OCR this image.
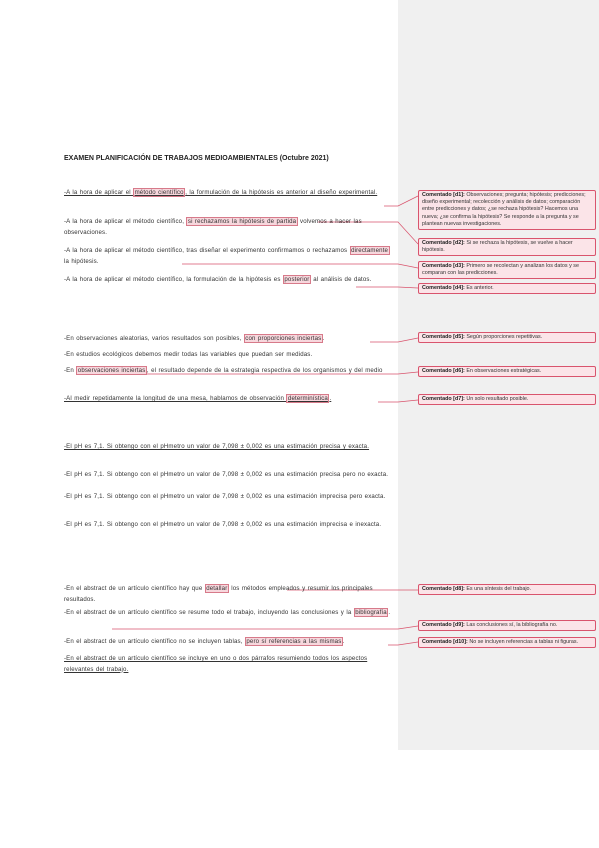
EXAMEN PLANIFICACIÓN DE TRABAJOS MEDIOAMBIENTALES (Octubre 2021)
-A la hora de aplicar el método científico , la formulación de la hipótesis es anterior al diseño experimental.
-A la hora de aplicar el método científico, si rechazamos la hipótesis de partida volvemos a hacer las observaciones.
-A la hora de aplicar el método científico, tras diseñar el experimento confirmamos o rechazamos directamente la hipótesis.
-A la hora de aplicar el método científico, la formulación de la hipótesis es posterior al análisis de datos.
-En observaciones aleatorias, varios resultados son posibles, con proporciones inciertas .
-En estudios ecológicos debemos medir todas las variables que puedan ser medidas.
-En observaciones inciertas , el resultado depende de la estrategia respectiva de los organismos y del medio
-Al medir repetidamente la longitud de una mesa, hablamos de observación determinística .
-El pH es 7,1. Si obtengo con el pHmetro un valor de 7,098 ± 0,002 es una estimación precisa y exacta.
-El pH es 7,1. Si obtengo con el pHmetro un valor de 7,098 ± 0,002 es una estimación precisa pero no exacta.
-El pH es 7,1. Si obtengo con el pHmetro un valor de 7,098 ± 0,002 es una estimación imprecisa pero exacta.
-El pH es 7,1. Si obtengo con el pHmetro un valor de 7,098 ± 0,002 es una estimación imprecisa e inexacta.
-En el abstract de un artículo científico hay que detallar los métodos empleados y resumir los principales resultados.
-En el abstract de un artículo científico se resume todo el trabajo, incluyendo las conclusiones y la bibliografía .
-En el abstract de un artículo científico no se incluyen tablas, pero sí referencias a las mismas .
-En el abstract de un artículo científico se incluye en uno o dos párrafos resumiendo todos los aspectos relevantes del trabajo.
Comentado [d1]: Observaciones; pregunta; hipótesis; predicciones; diseño experimental; recolección y análisis de datos; comparación entre predicciones y datos; ¿se rechaza hipótesis? Hacemos una nueva; ¿se confirma la hipótesis? Se responde a la pregunta y se plantean nuevas investigaciones.
Comentado [d2]: Si se rechaza la hipótesis, se vuelve a hacer hipótesis.
Comentado [d3]: Primero se recolectan y analizan los datos y se comparan con las predicciones.
Comentado [d4]: Es anterior.
Comentado [d5]: Según proporciones repetitivas.
Comentado [d6]: En observaciones estratégicas.
Comentado [d7]: Un solo resultado posible.
Comentado [d8]: Es una síntesis del trabajo.
Comentado [d9]: Las conclusiones sí, la bibliografía no.
Comentado [d10]: No se incluyen referencias a tablas ni figuras.
